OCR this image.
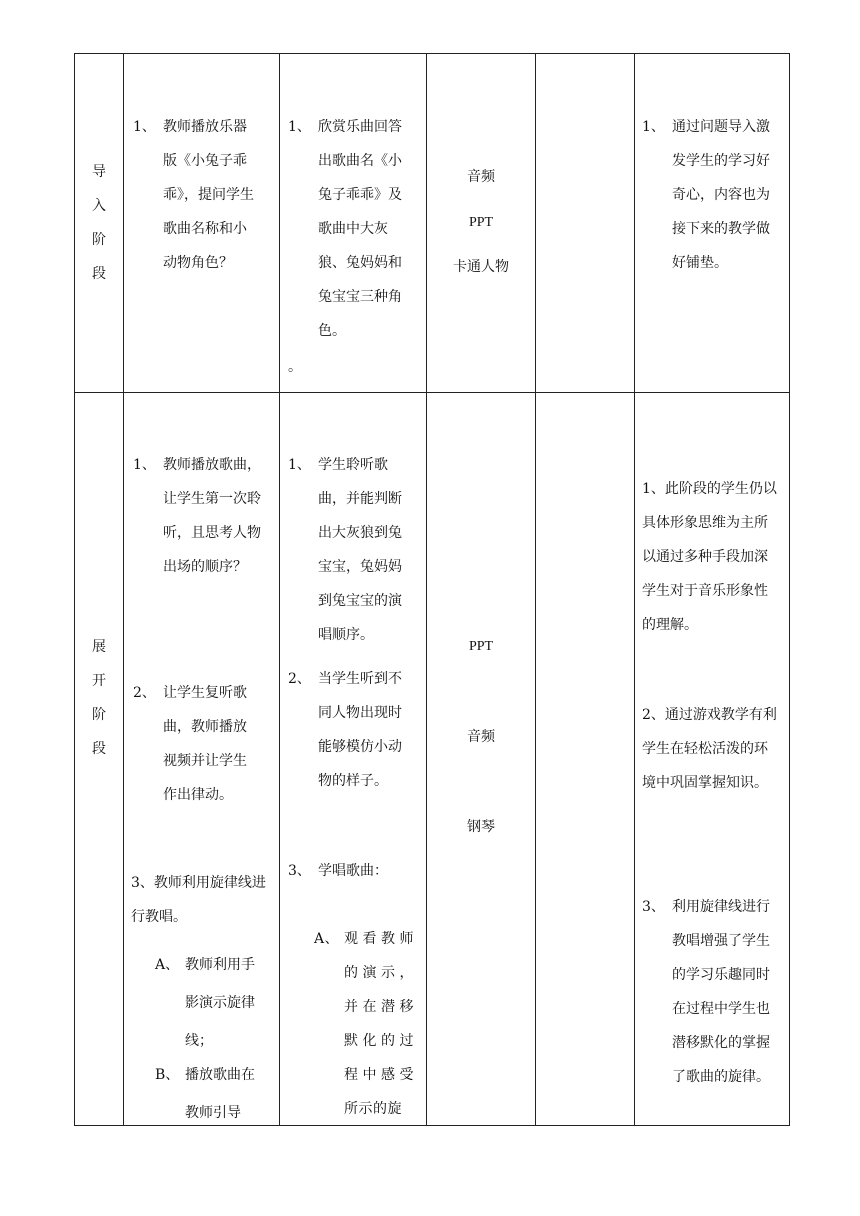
导
入
阶
段
1、 教师播放乐器版《小兔子乖乖》，提问学生歌曲名称和小动物角色？
1、 欣赏乐曲回答出歌曲名《小兔子乖乖》及歌曲中大灰狼、兔妈妈和兔宝宝三种角色。
。
音频
PPT
卡通人物
1、 通过问题导入激发学生的学习好奇心，内容也为接下来的教学做好铺垫。
展
开
阶
段
1、 教师播放歌曲，让学生第一次聆听，且思考人物出场的顺序？
2、 让学生复听歌曲，教师播放视频并让学生作出律动。
3、教师利用旋律线进行教唱。
A、 教师利用手影演示旋律线；
B、 播放歌曲在教师引导
1、 学生聆听歌曲，并能判断出大灰狼到兔宝宝，兔妈妈到兔宝宝的演唱顺序。
2、 当学生听到不同人物出现时能够模仿小动物的样子。
3、 学唱歌曲：
A、 观看教师的演示，并在潜移默化的过程中感受所示的旋
PPT
音频
钢琴
1、此阶段的学生仍以具体形象思维为主所以通过多种手段加深学生对于音乐形象性的理解。
2、通过游戏教学有利学生在轻松活泼的环境中巩固掌握知识。
3、 利用旋律线进行教唱增强了学生的学习乐趣同时在过程中学生也潜移默化的掌握了歌曲的旋律。
